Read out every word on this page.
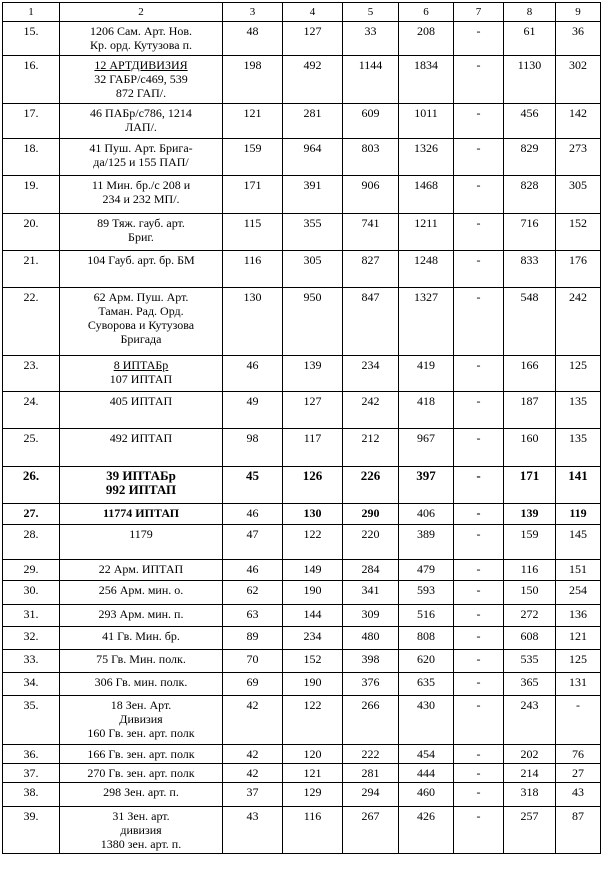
1	2	3	4	5	6	7	8	9
15.	1206 Сам. Арт. Нов.
Кр. орд. Кутузова п.	48	127	33	208	-	61	36
16.	12 АРТДИВИЗИЯ
32 ГАБР/с469, 539
872 ГАП/.	198	492	1144	1834	-	1130	302
17.	46 ПАБр/с786, 1214
ЛАП/.	121	281	609	1011	-	456	142
18.	41 Пуш. Арт. Брига-
да/125 и 155 ПАП/	159	964	803	1326	-	829	273
19.	11 Мин. бр./с 208 и
234 и 232 МП/.	171	391	906	1468	-	828	305
20.	89 Тяж. гауб. арт.
Бриг.	115	355	741	1211	-	716	152
21.	104 Гауб. арт. бр. БМ	116	305	827	1248	-	833	176
22.	62 Арм. Пуш. Арт.
Таман. Рад. Орд.
Суворова и Кутузова
Бригада	130	950	847	1327	-	548	242
23.	8 ИПТАБр
107 ИПТАП	46	139	234	419	-	166	125
24.	405 ИПТАП	49	127	242	418	-	187	135
25.	492 ИПТАП	98	117	212	967	-	160	135
26.	39 ИПТАБр
992 ИПТАП	45	126	226	397	-	171	141
27.	11774 ИПТАП	46	130	290	406	-	139	119
28.	1179	47	122	220	389	-	159	145
29.	22 Арм. ИПТАП	46	149	284	479	-	116	151
30.	256 Арм. мин. о.	62	190	341	593	-	150	254
31.	293 Арм. мин. п.	63	144	309	516	-	272	136
32.	41 Гв. Мин. бр.	89	234	480	808	-	608	121
33.	75 Гв. Мин. полк.	70	152	398	620	-	535	125
34.	306 Гв. мин. полк.	69	190	376	635	-	365	131
35.	18 Зен. Арт.
Дивизия
160 Гв. зен. арт. полк	42	122	266	430	-	243	-
36.	166 Гв. зен. арт. полк	42	120	222	454	-	202	76
37.	270 Гв. зен. арт. полк	42	121	281	444	-	214	27
38.	298 Зен. арт. п.	37	129	294	460	-	318	43
39.	31 Зен. арт.
дивизия
1380 зен. арт. п.	43	116	267	426	-	257	87
